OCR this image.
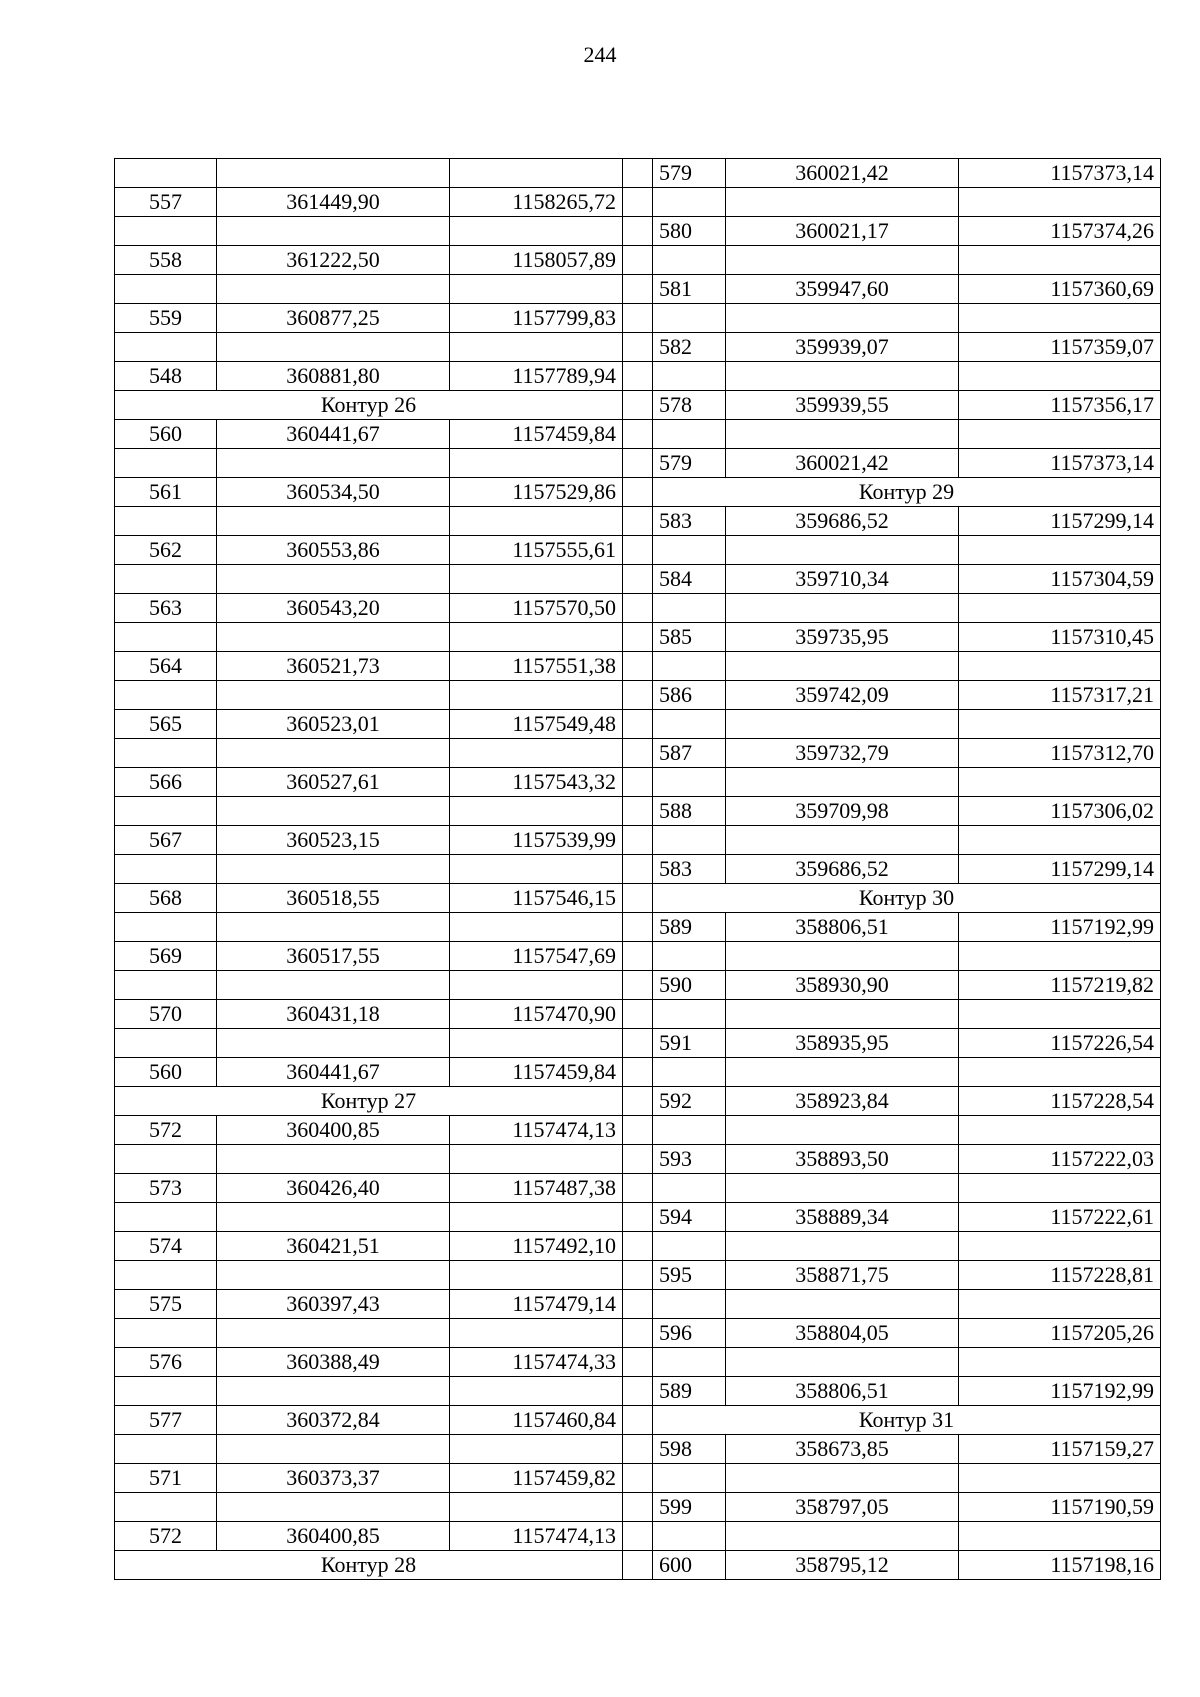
244
				579	360021,42	1157373,14
557	361449,90	1158265,72				
				580	360021,17	1157374,26
558	361222,50	1158057,89				
				581	359947,60	1157360,69
559	360877,25	1157799,83				
				582	359939,07	1157359,07
548	360881,80	1157789,94				
Контур 26				578	359939,55	1157356,17
560	360441,67	1157459,84				
				579	360021,42	1157373,14
561	360534,50	1157529,86		Контур 29		
				583	359686,52	1157299,14
562	360553,86	1157555,61				
				584	359710,34	1157304,59
563	360543,20	1157570,50				
				585	359735,95	1157310,45
564	360521,73	1157551,38				
				586	359742,09	1157317,21
565	360523,01	1157549,48				
				587	359732,79	1157312,70
566	360527,61	1157543,32				
				588	359709,98	1157306,02
567	360523,15	1157539,99				
				583	359686,52	1157299,14
568	360518,55	1157546,15		Контур 30		
				589	358806,51	1157192,99
569	360517,55	1157547,69				
				590	358930,90	1157219,82
570	360431,18	1157470,90				
				591	358935,95	1157226,54
560	360441,67	1157459,84				
Контур 27				592	358923,84	1157228,54
572	360400,85	1157474,13				
				593	358893,50	1157222,03
573	360426,40	1157487,38				
				594	358889,34	1157222,61
574	360421,51	1157492,10				
				595	358871,75	1157228,81
575	360397,43	1157479,14				
				596	358804,05	1157205,26
576	360388,49	1157474,33				
				589	358806,51	1157192,99
577	360372,84	1157460,84		Контур 31		
				598	358673,85	1157159,27
571	360373,37	1157459,82				
				599	358797,05	1157190,59
572	360400,85	1157474,13				
Контур 28				600	358795,12	1157198,16
